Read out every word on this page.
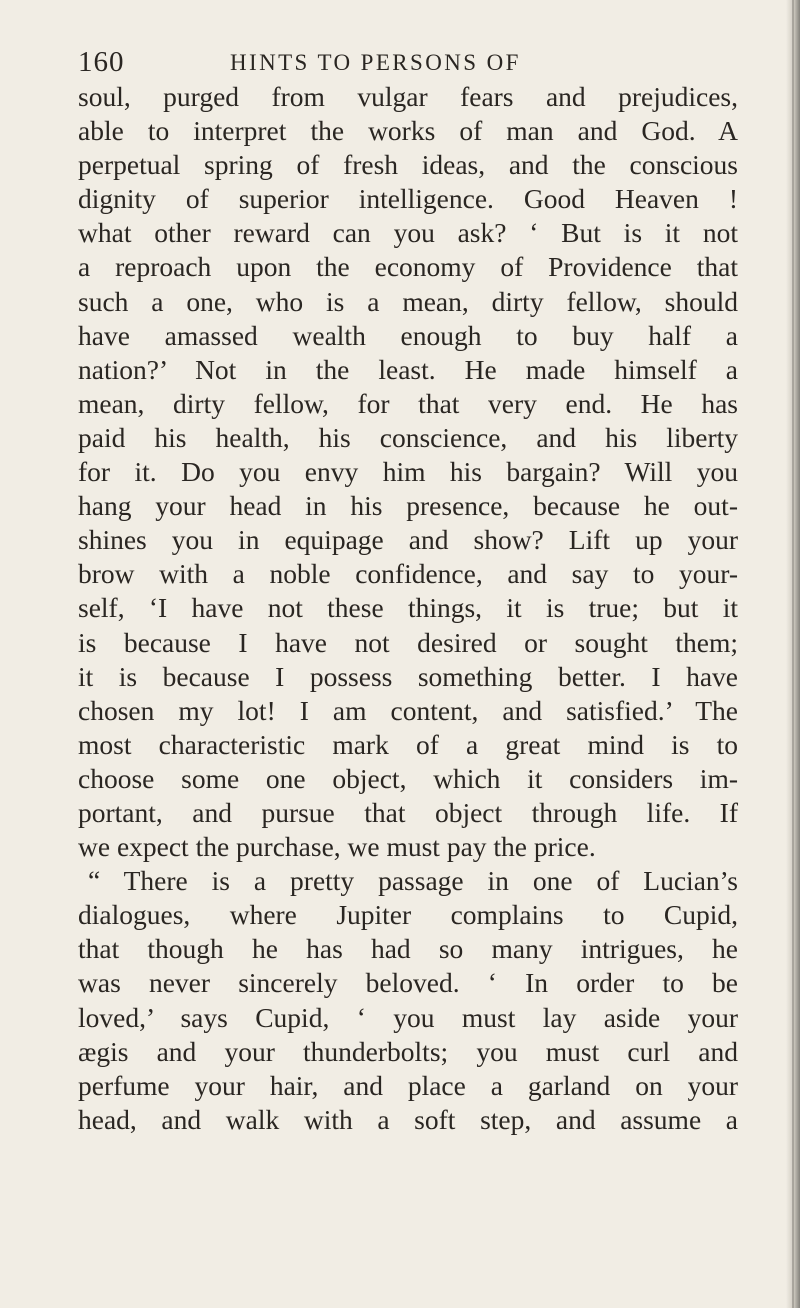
160	HINTS TO PERSONS OF
soul, purged from vulgar fears and prejudices,
able to interpret the works of man and God. A
perpetual spring of fresh ideas, and the conscious
dignity of superior intelligence. Good Heaven !
what other reward can you ask? ‘ But is it not
a reproach upon the economy of Providence that
such a one, who is a mean, dirty fellow, should
have amassed wealth enough to buy half a
nation?’ Not in the least. He made himself a
mean, dirty fellow, for that very end. He has
paid his health, his conscience, and his liberty
for it. Do you envy him his bargain? Will you
hang your head in his presence, because he out-
shines you in equipage and show? Lift up your
brow with a noble confidence, and say to your-
self, ‘I have not these things, it is true; but it
is because I have not desired or sought them;
it is because I possess something better. I have
chosen my lot! I am content, and satisfied.’ The
most characteristic mark of a great mind is to
choose some one object, which it considers im-
portant, and pursue that object through life. If
we expect the purchase, we must pay the price.
“ There is a pretty passage in one of Lucian’s
dialogues, where Jupiter complains to Cupid,
that though he has had so many intrigues, he
was never sincerely beloved. ‘ In order to be
loved,’ says Cupid, ‘ you must lay aside your
ægis and your thunderbolts; you must curl and
perfume your hair, and place a garland on your
head, and walk with a soft step, and assume a
